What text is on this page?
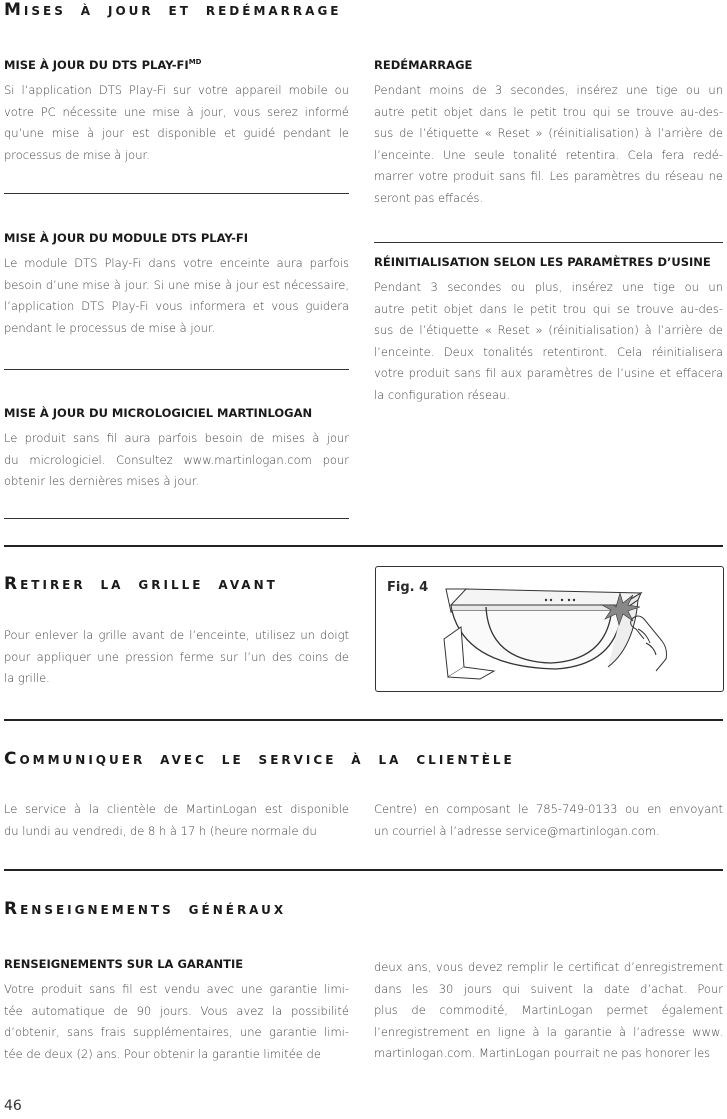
Mises à jour et redémarrage
MISE À JOUR DU DTS PLAY-$FI^{MD}$
Si l’application DTS Play-Fi sur votre appareil mobile ou
votre PC nécessite une mise à jour, vous serez informé
qu’une mise à jour est disponible et guidé pendant le
processus de mise à jour.
MISE À JOUR DU MODULE DTS PLAY-FI
Le module DTS Play-Fi dans votre enceinte aura parfois
besoin d’une mise à jour. Si une mise à jour est nécessaire,
l’application DTS Play-Fi vous informera et vous guidera
pendant le processus de mise à jour.
MISE À JOUR DU MICROLOGICIEL MARTINLOGAN
Le produit sans fil aura parfois besoin de mises à jour
du micrologiciel. Consultez www.martinlogan.com pour
obtenir les dernières mises à jour.
REDÉMARRAGE
Pendant moins de 3 secondes, insérez une tige ou un
autre petit objet dans le petit trou qui se trouve au-des-
sus de l’étiquette « Reset » (réinitialisation) à l’arrière de
l’enceinte. Une seule tonalité retentira. Cela fera redé-
marrer votre produit sans fil. Les paramètres du réseau ne
seront pas effacés.
RÉINITIALISATION SELON LES PARAMÈTRES D’USINE
Pendant 3 secondes ou plus, insérez une tige ou un
autre petit objet dans le petit trou qui se trouve au-des-
sus de l’étiquette « Reset » (réinitialisation) à l’arrière de
l’enceinte. Deux tonalités retentiront. Cela réinitialisera
votre produit sans fil aux paramètres de l’usine et effacera
la configuration réseau.
Retirer la grille avant
Pour enlever la grille avant de l’enceinte, utilisez un doigt
pour appliquer une pression ferme sur l’un des coins de
la grille.
Fig. 4
Communiquer avec le service à la clientèle
Le service à la clientèle de MartinLogan est disponible
du lundi au vendredi, de 8 h à 17 h (heure normale du
Centre) en composant le 785-749-0133 ou en envoyant
un courriel à l’adresse service@martinlogan.com.
Renseignements généraux
RENSEIGNEMENTS SUR LA GARANTIE
Votre produit sans fil est vendu avec une garantie limi-
tée automatique de 90 jours. Vous avez la possibilité
d’obtenir, sans frais supplémentaires, une garantie limi-
tée de deux (2) ans. Pour obtenir la garantie limitée de
deux ans, vous devez remplir le certificat d’enregistrement
dans les 30 jours qui suivent la date d’achat. Pour
plus de commodité, MartinLogan permet également
l’enregistrement en ligne à la garantie à l’adresse www.
martinlogan.com. MartinLogan pourrait ne pas honorer les
46
